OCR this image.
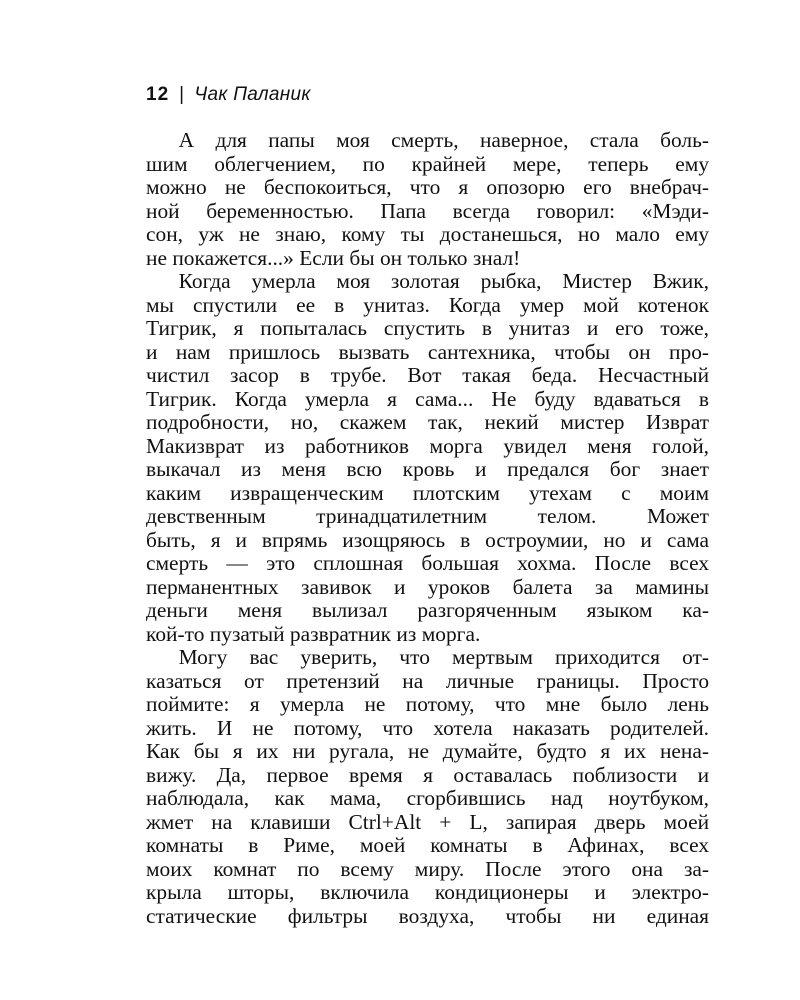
12 | Чак Паланик
А для папы моя смерть, наверное, стала боль-
шим облегчением, по крайней мере, теперь ему
можно не беспокоиться, что я опозорю его внебрач-
ной беременностью. Папа всегда говорил: «Мэди-
сон, уж не знаю, кому ты достанешься, но мало ему
не покажется...» Если бы он только знал!
Когда умерла моя золотая рыбка, Мистер Вжик,
мы спустили ее в унитаз. Когда умер мой котенок
Тигрик, я попыталась спустить в унитаз и его тоже,
и нам пришлось вызвать сантехника, чтобы он про-
чистил засор в трубе. Вот такая беда. Несчастный
Тигрик. Когда умерла я сама... Не буду вдаваться в
подробности, но, скажем так, некий мистер Изврат
Макизврат из работников морга увидел меня голой,
выкачал из меня всю кровь и предался бог знает
каким извращенческим плотским утехам с моим
девственным тринадцатилетним телом. Может
быть, я и впрямь изощряюсь в остроумии, но и сама
смерть — это сплошная большая хохма. После всех
перманентных завивок и уроков балета за мамины
деньги меня вылизал разгоряченным языком ка-
кой-то пузатый развратник из морга.
Могу вас уверить, что мертвым приходится от-
казаться от претензий на личные границы. Просто
поймите: я умерла не потому, что мне было лень
жить. И не потому, что хотела наказать родителей.
Как бы я их ни ругала, не думайте, будто я их нена-
вижу. Да, первое время я оставалась поблизости и
наблюдала, как мама, сгорбившись над ноутбуком,
жмет на клавиши Ctrl+Alt + L, запирая дверь моей
комнаты в Риме, моей комнаты в Афинах, всех
моих комнат по всему миру. После этого она за-
крыла шторы, включила кондиционеры и электро-
статические фильтры воздуха, чтобы ни единая
